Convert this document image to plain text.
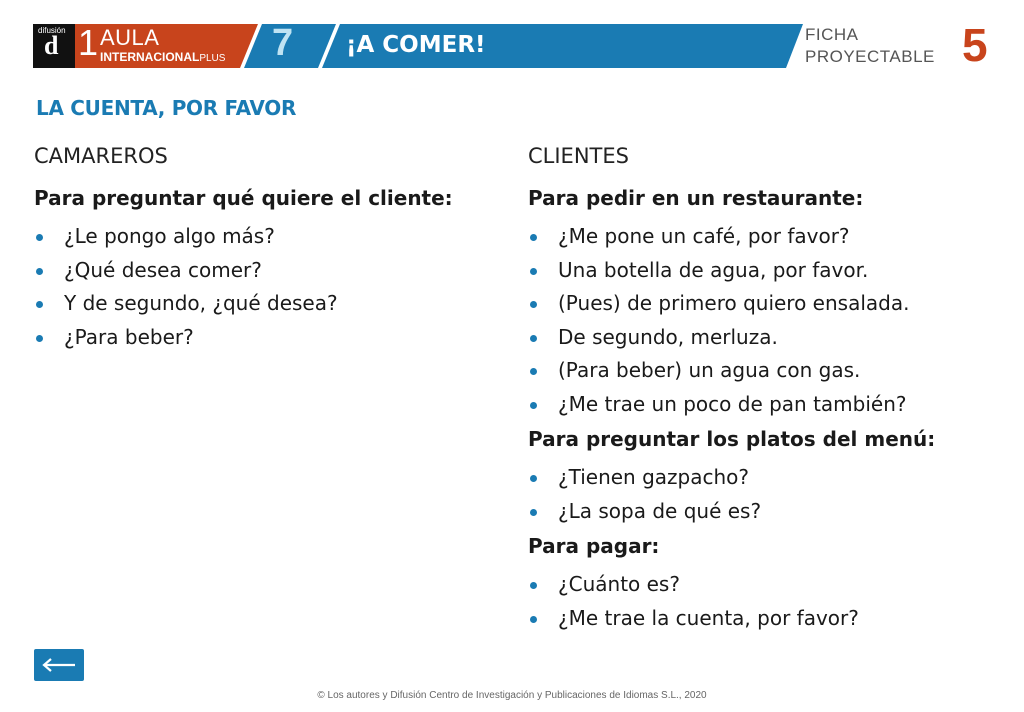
difusión
d 1 AULA
INTERNACIONALPLUS 7 ¡A COMER!	FICHA
PROYECTABLE 5
LA CUENTA, POR FAVOR
CAMAREROS
Para preguntar qué quiere el cliente:
¿Le pongo algo más?
¿Qué desea comer?
Y de segundo, ¿qué desea?
¿Para beber?
CLIENTES
Para pedir en un restaurante:
¿Me pone un café, por favor?
Una botella de agua, por favor.
(Pues) de primero quiero ensalada.
De segundo, merluza.
(Para beber) un agua con gas.
¿Me trae un poco de pan también?
Para preguntar los platos del menú:
¿Tienen gazpacho?
¿La sopa de qué es?
Para pagar:
¿Cuánto es?
¿Me trae la cuenta, por favor?
© Los autores y Difusión Centro de Investigación y Publicaciones de Idiomas S.L., 2020
